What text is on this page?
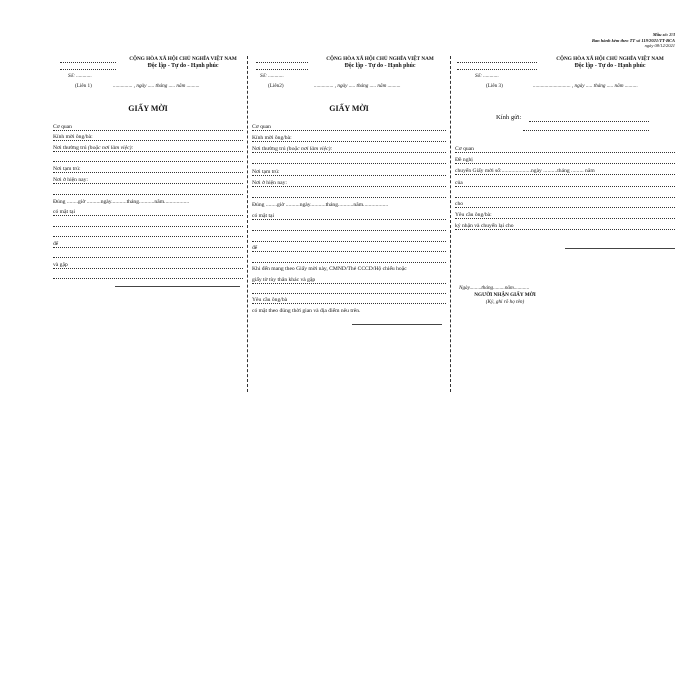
Mẫu số: 2/3
Ban hành kèm theo TT số 119/2021/TT-BCA
ngày 08/12/2021
CỘNG HÒA XÃ HỘI CHỦ NGHĨA VIỆT NAM
Độc lập - Tự do - Hạnh phúc
Số: ............
(Liên 1)	............... , ngày ..... tháng ..... năm ..........
GIẤY MỜI
Cơ quan
Kính mời ông/bà:
Nơi thường trú (hoặc nơi làm việc):
Nơi tạm trú:
Nơi ở hiện nay:
Đúng ........giờ ..........ngày...........tháng...........năm..................
có mặt tại
để
và gặp
CỘNG HÒA XÃ HỘI CHỦ NGHĨA VIỆT NAM
Độc lập - Tự do - Hạnh phúc
Số: ............
(Liên2)	............... , ngày ..... tháng ..... năm ..........
GIẤY MỜI
Cơ quan
Kính mời ông/bà:
Nơi thường trú (hoặc nơi làm việc):
Nơi tạm trú:
Nơi ở hiện nay:
Đúng ........giờ ..........ngày...........tháng...........năm..................
có mặt tại
để
Khi đến mang theo Giấy mời này, CMND/Thẻ CCCD/Hộ chiếu hoặc
giấy tờ tùy thân khác và gặp
Yêu cầu ông/bà
có mặt theo đúng thời gian và địa điểm nêu trên.
CỘNG HÒA XÃ HỘI CHỦ NGHĨA VIỆT NAM
Độc lập - Tự do - Hạnh phúc
Số: ............
(Liên 3)	............................. , ngày ..... tháng ..... năm ..........
Kính gửi:
Cơ quan
Đề nghị
chuyển Giấy mời số:.....................ngày ..........tháng ......... năm
của
cho
Yêu cầu ông/bà:
ký nhận và chuyển lại cho
Ngày.........tháng.........năm............
NGƯỜI NHẬN GIẤY MỜI
(Ký, ghi rõ họ tên)
